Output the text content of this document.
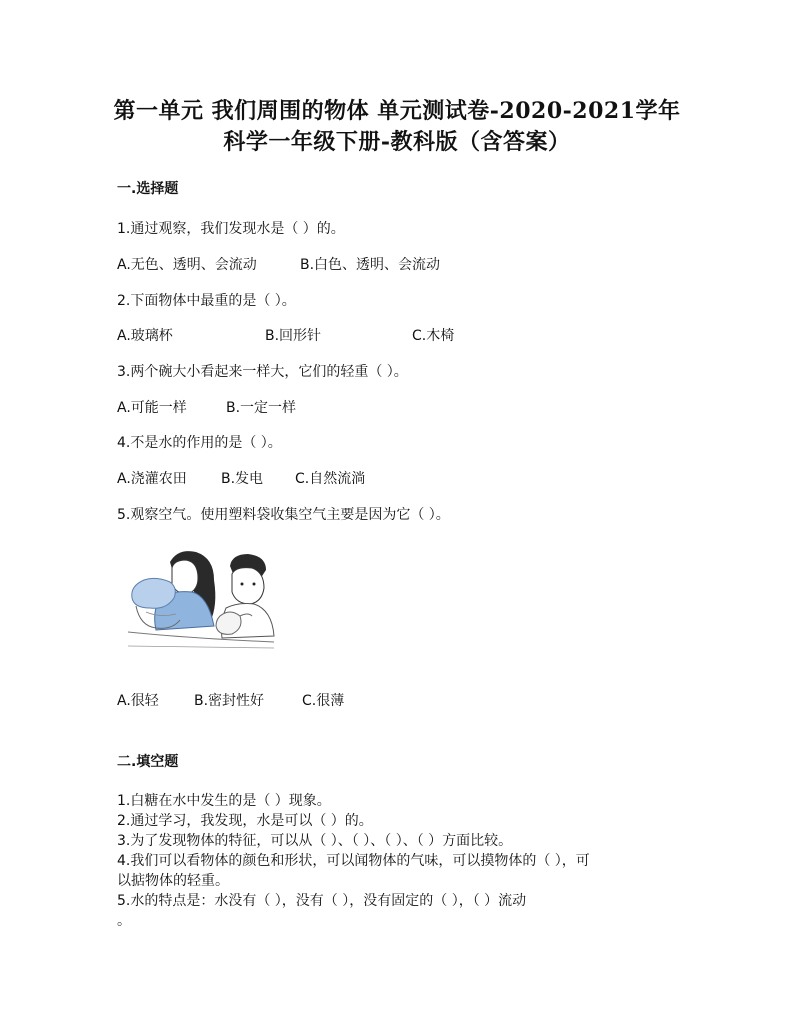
第一单元 我们周围的物体 单元测试卷-2020-2021学年
科学一年级下册-教科版（含答案）
一.选择题
1.通过观察，我们发现水是（ ）的。
A.无色、透明、会流动	B.白色、透明、会流动
2.下面物体中最重的是（ ）。
A.玻璃杯	B.回形针	C.木椅
3.两个碗大小看起来一样大，它们的轻重（ ）。
A.可能一样	B.一定一样
4.不是水的作用的是（ ）。
A.浇灌农田 B.发电 C.自然流淌
5.观察空气。使用塑料袋收集空气主要是因为它（ ）。
A.很轻	B.密封性好	C.很薄
二.填空题
1.白糖在水中发生的是（ ）现象。
2.通过学习，我发现，水是可以（ ）的。
3.为了发现物体的特征，可以从（ ）、（ ）、（ ）、（ ）方面比较。
4.我们可以看物体的颜色和形状，可以闻物体的气味，可以摸物体的（ ），可
以掂物体的轻重。
5.水的特点是：水没有（ ），没有（ ），没有固定的（ ），（ ）流动
。
